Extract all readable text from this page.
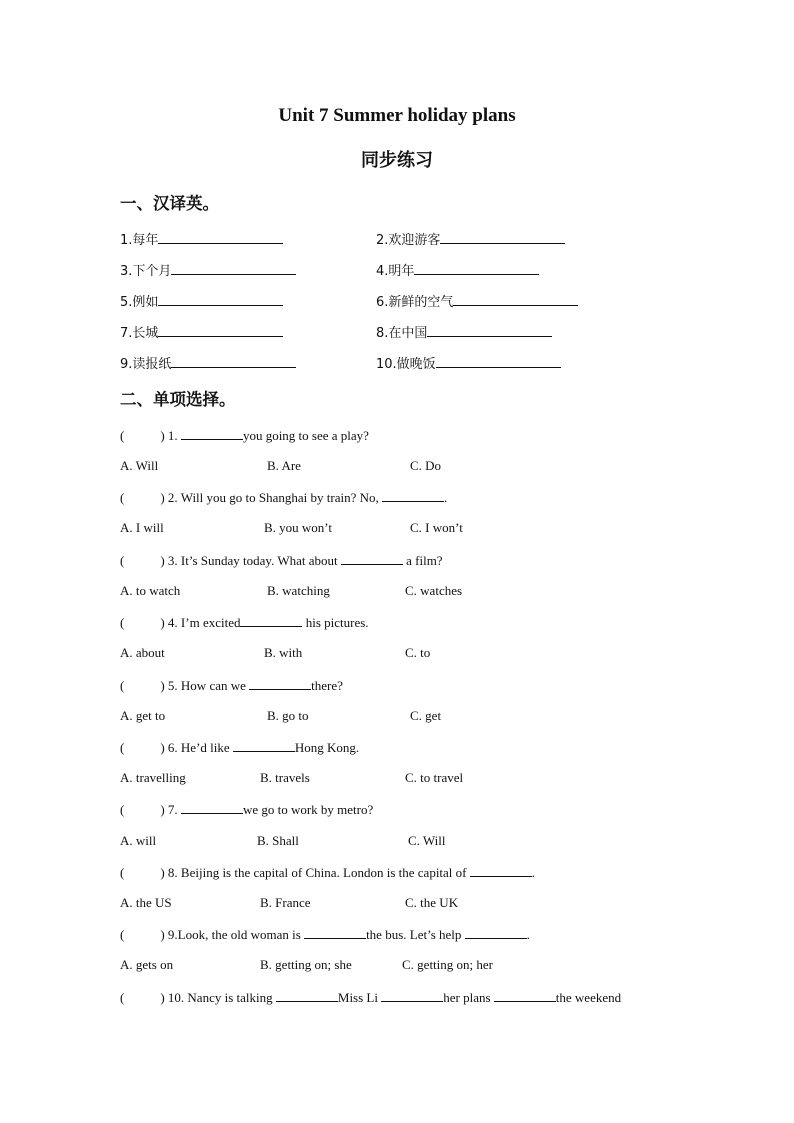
Unit 7 Summer holiday plans
同步练习
一、汉译英。
1.每年	2.欢迎游客
3.下个月	4.明年
5.例如	6.新鲜的空气
7.长城	8.在中国
9.读报纸	10.做晚饭
二、单项选择。
(	) 1.	you going to see a play?
A. Will	B. Are	C. Do
(	) 2. Will you go to Shanghai by train? No,	.
A. I will	B. you won’t	C. I won’t
(	) 3. It’s Sunday today. What about	a film?
A. to watch	B. watching	C. watches
(	) 4. I’m excited	his pictures.
A. about	B. with	C. to
(	) 5. How can we	there?
A. get to	B. go to	C. get
(	) 6. He’d like	Hong Kong.
A. travelling	B. travels	C. to travel
(	) 7.	we go to work by metro?
A. will	B. Shall	C. Will
(	) 8. Beijing is the capital of China. London is the capital of	.
A. the US	B. France	C. the UK
(	) 9.Look, the old woman is	the bus. Let’s help	.
A. gets on	B. getting on; she	C. getting on; her
(	) 10. Nancy is talking	Miss Li	her plans	the weekend
